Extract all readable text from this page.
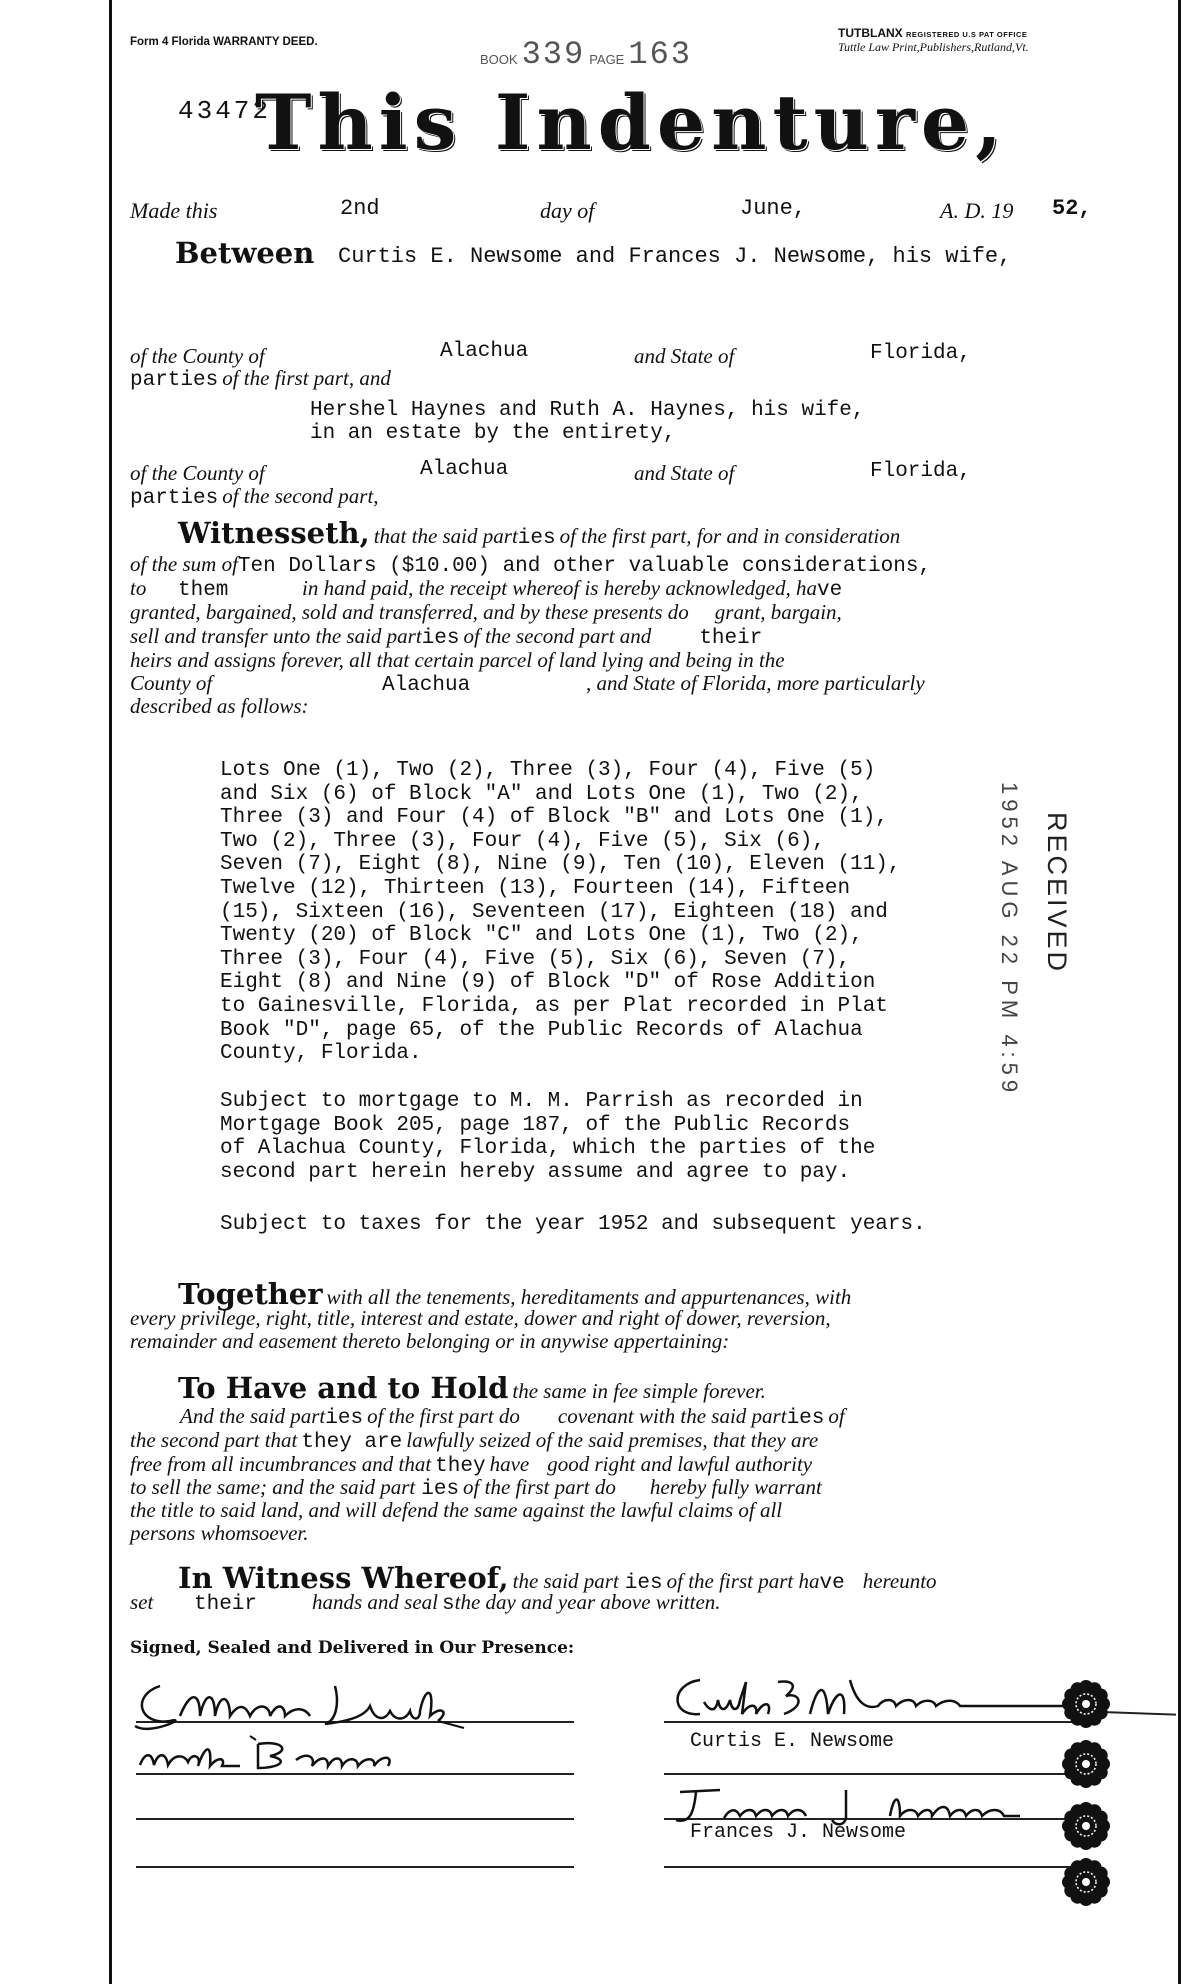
Form 4 Florida WARRANTY DEED.
TUTBLANX REGISTERED U.S PAT OFFICE
Tuttle Law Print,Publishers,Rutland,Vt.
BOOK 339 PAGE 163
43472
This Indenture,
Made this	2nd	day of	June,	A. D. 19 52,
Between Curtis E. Newsome and Frances J. Newsome, his wife,
of the County of	Alachua	and State of	Florida,
parties of the first part, and
Hershel Haynes and Ruth A. Haynes, his wife,
in an estate by the entirety,
of the County of	Alachua	and State of	Florida,
parties of the second part,
Witnesseth, that the said parties of the first part, for and in consideration
of the sum ofTen Dollars ($10.00) and other valuable considerations,
to them	in hand paid, the receipt whereof is hereby acknowledged, have
granted, bargained, sold and transferred, and by these presents do grant, bargain,
sell and transfer unto the said parties of the second part and their
heirs and assigns forever, all that certain parcel of land lying and being in the
County of	Alachua	, and State of Florida, more particularly
described as follows:
Lots One (1), Two (2), Three (3), Four (4), Five (5)
and Six (6) of Block "A" and Lots One (1), Two (2),
Three (3) and Four (4) of Block "B" and Lots One (1),
Two (2), Three (3), Four (4), Five (5), Six (6),
Seven (7), Eight (8), Nine (9), Ten (10), Eleven (11),
Twelve (12), Thirteen (13), Fourteen (14), Fifteen
(15), Sixteen (16), Seventeen (17), Eighteen (18) and
Twenty (20) of Block "C" and Lots One (1), Two (2),
Three (3), Four (4), Five (5), Six (6), Seven (7),
Eight (8) and Nine (9) of Block "D" of Rose Addition
to Gainesville, Florida, as per Plat recorded in Plat
Book "D", page 65, of the Public Records of Alachua
County, Florida.
Subject to mortgage to M. M. Parrish as recorded in
Mortgage Book 205, page 187, of the Public Records
of Alachua County, Florida, which the parties of the
second part herein hereby assume and agree to pay.
Subject to taxes for the year 1952 and subsequent years.
RECEIVED
1952 AUG 22 PM 4:59
Together with all the tenements, hereditaments and appurtenances, with
every privilege, right, title, interest and estate, dower and right of dower, reversion,
remainder and easement thereto belonging or in anywise appertaining:
To Have and to Hold the same in fee simple forever.
And the said parties of the first part do covenant with the said parties of
the second part that they are lawfully seized of the said premises, that they are
free from all incumbrances and that they have good right and lawful authority
to sell the same; and the said part ies of the first part do hereby fully warrant
the title to said land, and will defend the same against the lawful claims of all
persons whomsoever.
In Witness Whereof, the said part ies of the first part have hereunto
set their	hands and seal sthe day and year above written.
Signed, Sealed and Delivered in Our Presence:
Curtis E. Newsome
Frances J. Newsome
